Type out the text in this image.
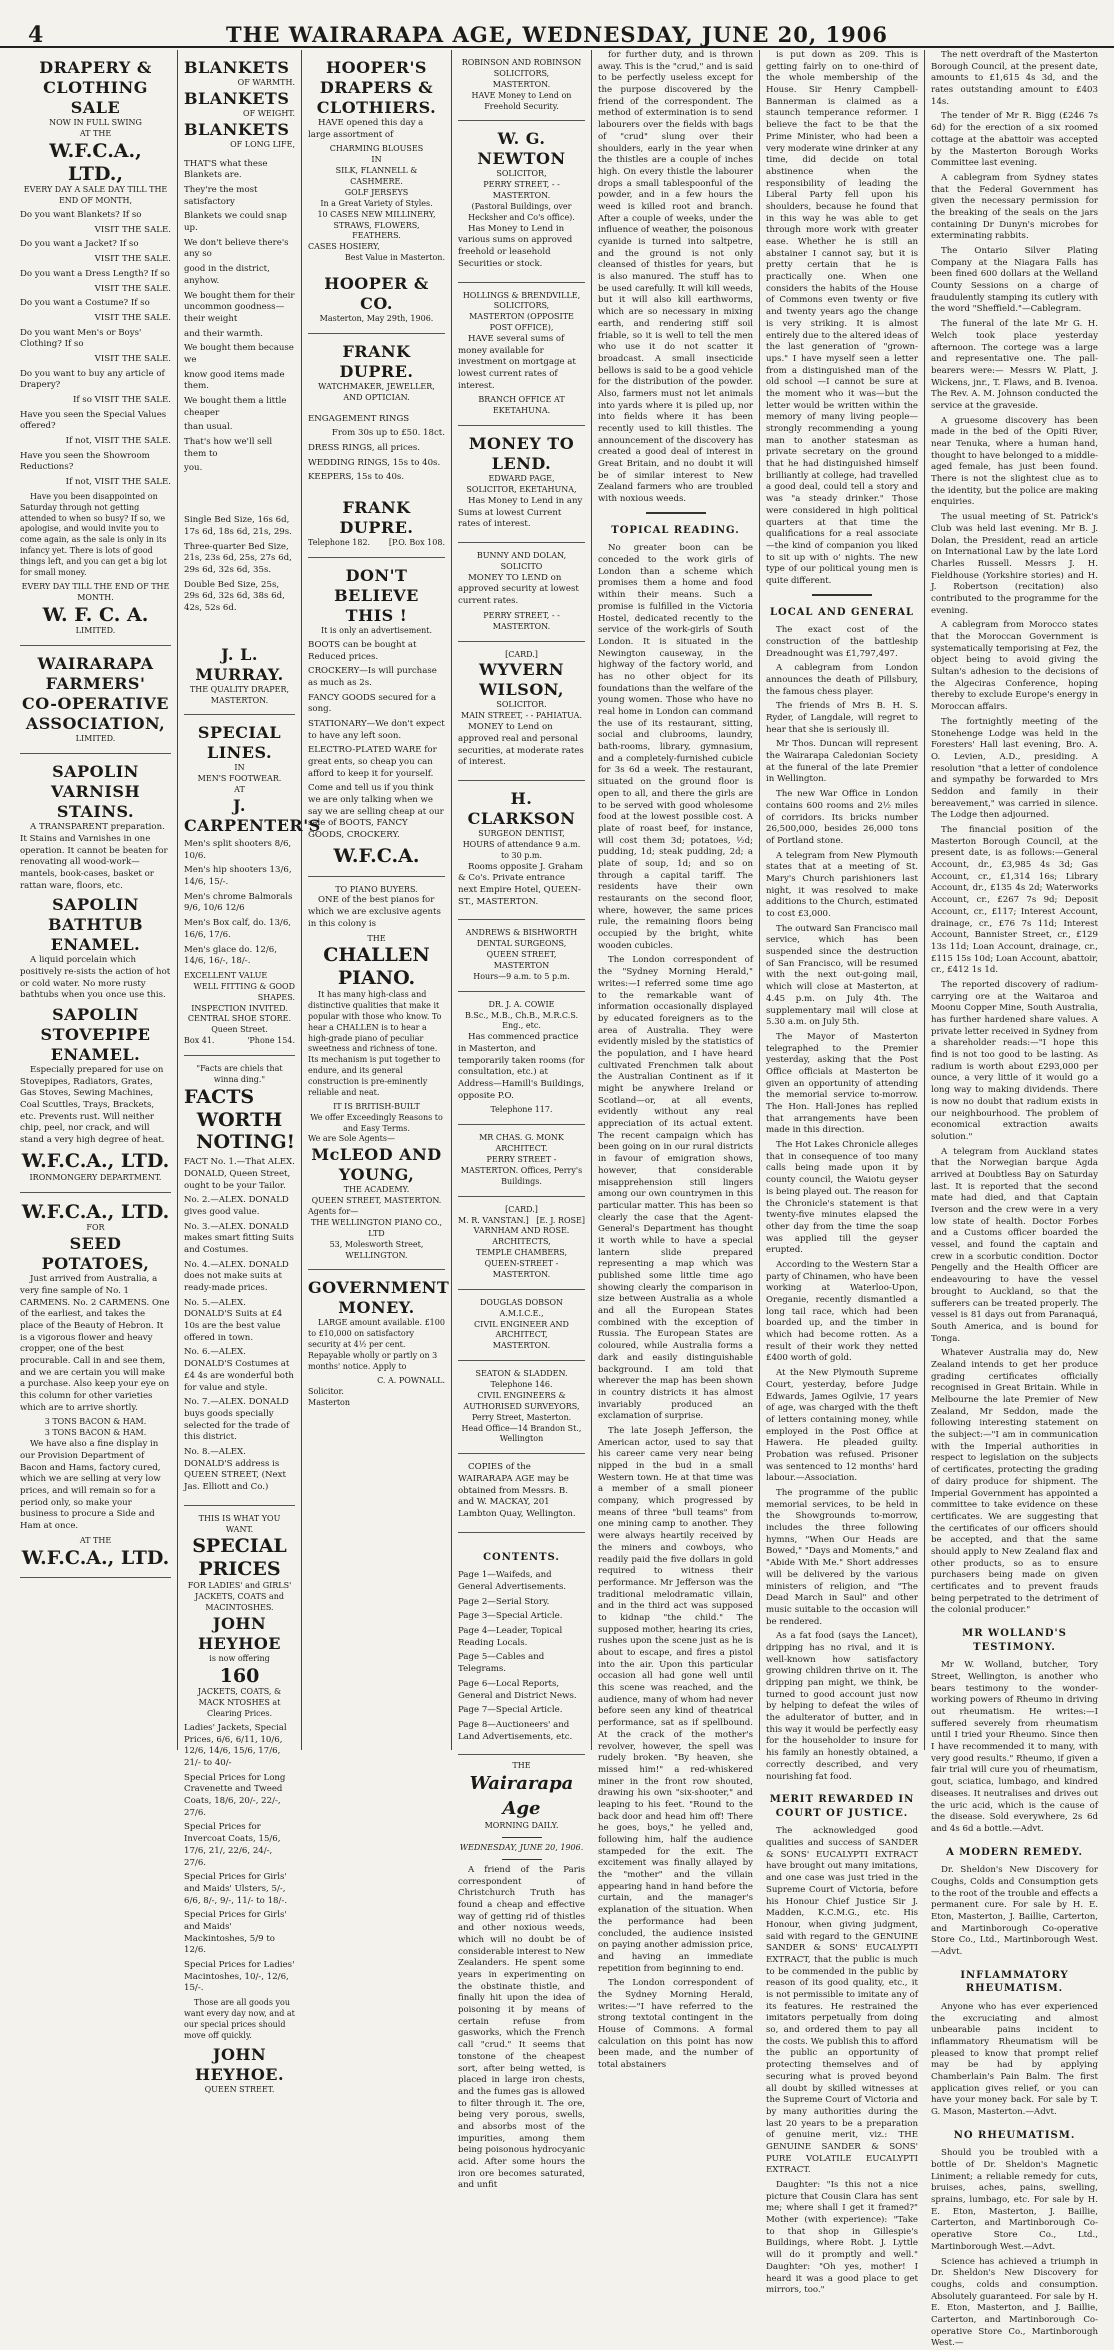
4	THE WAIRARAPA AGE, WEDNESDAY, JUNE 20, 1906
DRAPERY &
CLOTHING SALE
NOW IN FULL SWING
AT THE
W.F.C.A., LTD.,
EVERY DAY A SALE DAY TILL THE END OF MONTH,
Do you want Blankets? If so
VISIT THE SALE.
Do you want a Jacket? If so
VISIT THE SALE.
Do you want a Dress Length? If so
VISIT THE SALE.
Do you want a Costume? If so
VISIT THE SALE.
Do you want Men's or Boys' Clothing? If so
VISIT THE SALE.
Do you want to buy any article of Drapery?
If so VISIT THE SALE.
Have you seen the Special Values offered?
If not, VISIT THE SALE.
Have you seen the Showroom Reductions?
If not, VISIT THE SALE.
Have you been disappointed on Saturday through not getting attended to when so busy? If so, we apologise, and would invite you to come again, as the sale is only in its infancy yet. There is lots of good things left, and you can get a big lot for small money.
EVERY DAY TILL THE END OF THE MONTH.
W. F. C. A.
LIMITED.
WAIRARAPA
FARMERS'
CO-OPERATIVE
ASSOCIATION,
LIMITED.
SAPOLIN VARNISH STAINS.
A TRANSPARENT preparation. It Stains and Varnishes in one operation. It cannot be beaten for renovating all wood-work—mantels, book-cases, basket or rattan ware, floors, etc.
SAPOLIN BATHTUB ENAMEL.
A liquid porcelain which positively re-sists the action of hot or cold water. No more rusty bathtubs when you once use this.
SAPOLIN STOVEPIPE ENAMEL.
Especially prepared for use on Stovepipes, Radiators, Grates, Gas Stoves, Sewing Machines, Coal Scuttles, Trays, Brackets, etc. Prevents rust. Will neither chip, peel, nor crack, and will stand a very high degree of heat.
W.F.C.A., LTD.
IRONMONGERY DEPARTMENT.
W.F.C.A., LTD.
FOR
SEED POTATOES,
Just arrived from Australia, a very fine sample of No. 1 CARMENS. No. 2 CARMENS. One of the earliest, and takes the place of the Beauty of Hebron. It is a vigorous flower and heavy cropper, one of the best procurable. Call in and see them, and we are certain you will make a purchase. Also keep your eye on this column for other varieties which are to arrive shortly.
3 TONS BACON & HAM.
3 TONS BACON & HAM.
We have also a fine display in our Provision Department of Bacon and Hams, factory cured, which we are selling at very low prices, and will remain so for a period only, so make your business to procure a Side and Ham at once.
AT THE
W.F.C.A., LTD.
BLANKETS
OF WARMTH.
BLANKETS
OF WEIGHT.
BLANKETS
OF LONG LIFE,
THAT'S what these Blankets are.
They're the most satisfactory
Blankets we could snap up.
We don't believe there's any so
good in the district, anyhow.
We bought them for their uncommon goodness—their weight
and their warmth.
We bought them because we
know good items made them.
We bought them a little cheaper
than usual.
That's how we'll sell them to
you.
Single Bed Size, 16s 6d, 17s 6d, 18s 6d, 21s, 29s.
Three-quarter Bed Size, 21s, 23s 6d, 25s, 27s 6d, 29s 6d, 32s 6d, 35s.
Double Bed Size, 25s, 29s 6d, 32s 6d, 38s 6d, 42s, 52s 6d.
J. L. MURRAY.
THE QUALITY DRAPER,
MASTERTON.
SPECIAL LINES.
IN
MEN'S FOOTWEAR.
AT
J. CARPENTER'S
Men's split shooters 8/6, 10/6.
Men's hip shooters 13/6, 14/6, 15/-.
Men's chrome Balmorals 9/6, 10/6 12/6
Men's Box calf, do. 13/6, 16/6, 17/6.
Men's glace do. 12/6, 14/6, 16/-, 18/-.
EXCELLENT VALUE
WELL FITTING & GOOD SHAPES.
INSPECTION INVITED.
CENTRAL SHOE STORE.
Queen Street.
Box 41.	'Phone 154.
"Facts are chiels that winna ding."
FACTS
WORTH
NOTING!
FACT No. 1.—That ALEX. DONALD, Queen Street, ought to be your Tailor.
No. 2.—ALEX. DONALD gives good value.
No. 3.—ALEX. DONALD makes smart fitting Suits and Costumes.
No. 4.—ALEX. DONALD does not make suits at ready-made prices.
No. 5.—ALEX. DONALD'S Suits at £4 10s are the best value offered in town.
No. 6.—ALEX. DONALD'S Costumes at £4 4s are wonderful both for value and style.
No. 7.—ALEX. DONALD buys goods specially selected for the trade of this district.
No. 8.—ALEX. DONALD'S address is QUEEN STREET, (Next Jas. Elliott and Co.)
THIS IS WHAT YOU WANT.
SPECIAL
PRICES
FOR LADIES' and GIRLS' JACKETS, COATS and MACINTOSHES.
JOHN HEYHOE
is now offering
160
JACKETS, COATS, & MACK NTOSHES at Clearing Prices.
Ladies' Jackets, Special Prices, 6/6, 6/11, 10/6, 12/6, 14/6, 15/6, 17/6, 21/- to 40/-
Special Prices for Long Cravenette and Tweed Coats, 18/6, 20/-, 22/-, 27/6.
Special Prices for Invercoat Coats, 15/6, 17/6, 21/, 22/6, 24/-, 27/6.
Special Prices for Girls' and Maids' Ulsters, 5/-, 6/6, 8/-, 9/-, 11/- to 18/-.
Special Prices for Girls' and Maids' Mackintoshes, 5/9 to 12/6.
Special Prices for Ladies' Macintoshes, 10/-, 12/6, 15/-.
Those are all goods you want every day now, and at our special prices should move off quickly.
JOHN HEYHOE.
QUEEN STREET.
HOOPER'S
DRAPERS &
CLOTHIERS.
HAVE opened this day a large assortment of
CHARMING BLOUSES
IN
SILK, FLANNELL & CASHMERE.
GOLF JERSEYS
In a Great Variety of Styles.
10 CASES NEW MILLINERY,
STRAWS, FLOWERS, FEATHERS.
CASES HOSIERY,
Best Value in Masterton.
HOOPER & CO.
Masterton, May 29th, 1906.
FRANK DUPRE.
WATCHMAKER, JEWELLER, AND OPTICIAN.
ENGAGEMENT RINGS
From 30s up to £50. 18ct.
DRESS RINGS, all prices.
WEDDING RINGS, 15s to 40s.
KEEPERS, 15s to 40s.
FRANK DUPRE.
Telephone 182. [P.O. Box 108.
DON'T BELIEVE
THIS !
It is only an advertisement.
BOOTS can be bought at Reduced prices.
CROCKERY—Is will purchase as much as 2s.
FANCY GOODS secured for a song.
STATIONARY—We don't expect to have any left soon.
ELECTRO-PLATED WARE for great ents, so cheap you can afford to keep it for yourself.
Come and tell us if you think we are only talking when we say we are selling cheap at our sale of BOOTS, FANCY GOODS, CROCKERY.
W.F.C.A.
TO PIANO BUYERS.
ONE of the best pianos for which we are exclusive agents in this colony is
THE
CHALLEN
PIANO.
It has many high-class and distinctive qualities that make it popular with those who know. To hear a CHALLEN is to hear a high-grade piano of peculiar sweetness and richness of tone. Its mechanism is put together to endure, and its general construction is pre-eminently reliable and neat.
IT IS BRITISH-BUILT
We offer Exceedingly Reasons to and Easy Terms.
We are Sole Agents—
McLEOD AND YOUNG,
THE ACADEMY.
QUEEN STREET, MASTERTON.
Agents for—
THE WELLINGTON PIANO CO., LTD
53, Molesworth Street,
WELLINGTON.
GOVERNMENT MONEY.
LARGE amount available. £100 to £10,000 on satisfactory security at 4½ per cent. Repayable wholly or partly on 3 months' notice. Apply to
C. A. POWNALL.
Solicitor.
Masterton
ROBINSON AND ROBINSON
SOLICITORS,
MASTERTON.
HAVE Money to Lend on Freehold Security.
W. G. NEWTON
SOLICITOR,
PERRY STREET, - - MASTERTON.
(Pastoral Buildings, over Hecksher and Co's office).
Has Money to Lend in various sums on approved freehold or leasehold Securities or stock.
HOLLINGS & BRENDVILLE,
SOLICITORS,
MASTERTON (OPPOSITE POST OFFICE),
HAVE several sums of money available for investment on mortgage at lowest current rates of interest.
BRANCH OFFICE AT EKETAHUNA.
MONEY TO LEND.
EDWARD PAGE,
SOLICITOR, EKETAHUNA,
Has Money to Lend in any Sums at lowest Current rates of interest.
BUNNY AND DOLAN,
SOLICITO
MONEY TO LEND on approved security at lowest current rates.
PERRY STREET, - - MASTERTON.
[CARD.]
WYVERN WILSON,
SOLICITOR.
MAIN STREET, - - PAHIATUA.
MONEY to Lend on approved real and personal securities, at moderate rates of interest.
H. CLARKSON
SURGEON DENTIST,
HOURS of attendance 9 a.m. to 30 p.m.
Rooms opposite J. Graham & Co's. Private entrance next Empire Hotel, QUEEN-ST., MASTERTON.
ANDREWS & BISHWORTH
DENTAL SURGEONS,
QUEEN STREET, MASTERTON
Hours—9 a.m. to 5 p.m.
DR. J. A. COWIE
B.Sc., M.B., Ch.B., M.R.C.S. Eng., etc.
Has commenced practice in Masterton, and temporarily taken rooms (for consultation, etc.) at Address—Hamill's Buildings, opposite P.O.
Telephone 117.
MR CHAS. G. MONK
ARCHITECT.
PERRY STREET - MASTERTON. Offices, Perry's Buildings.
[CARD.]
M. R. VANSTAN.] [E. J. ROSE]
VARNHAM AND ROSE.
ARCHITECTS,
TEMPLE CHAMBERS,
QUEEN-STREET - MASTERTON.
DOUGLAS DOBSON
A.M.I.C.E.,
CIVIL ENGINEER AND ARCHITECT,
MASTERTON.
SEATON & SLADDEN.
Telephone 146.
CIVIL ENGINEERS & AUTHORISED SURVEYORS,
Perry Street, Masterton.
Head Office—14 Brandon St., Wellington
COPIES of the WAIRARAPA AGE may be obtained from Messrs. B. and W. MACKAY, 201 Lambton Quay, Wellington.
CONTENTS.
Page 1—Waifeds, and General Advertisements.
Page 2—Serial Story.
Page 3—Special Article.
Page 4—Leader, Topical Reading Locals.
Page 5—Cables and Telegrams.
Page 6—Local Reports, General and District News.
Page 7—Special Article.
Page 8—Auctioneers' and Land Advertisements, etc.
THE
Wairarapa Age
MORNING DAILY.
WEDNESDAY, JUNE 20, 1906.
A friend of the Paris correspondent of Christchurch Truth has found a cheap and effective way of getting rid of thistles and other noxious weeds, which will no doubt be of considerable interest to New Zealanders. He spent some years in experimenting on the obstinate thistle, and finally hit upon the idea of poisoning it by means of certain refuse from gasworks, which the French call "crud." It seems that tonstone of the cheapest sort, after being wetted, is placed in large iron chests, and the fumes gas is allowed to filter through it. The ore, being very porous, swells, and absorbs most of the impurities, among them being poisonous hydrocyanic acid. After some hours the iron ore becomes saturated, and unfit
for further duty, and is thrown away. This is the "crud," and is said to be perfectly useless except for the purpose discovered by the friend of the correspondent. The method of extermination is to send labourers over the fields with bags of "crud" slung over their shoulders, early in the year when the thistles are a couple of inches high. On every thistle the labourer drops a small tablespoonful of the powder, and in a few hours the weed is killed root and branch. After a couple of weeks, under the influence of weather, the poisonous cyanide is turned into saltpetre, and the ground is not only cleansed of thistles for years, but is also manured. The stuff has to be used carefully. It will kill weeds, but it will also kill earthworms, which are so necessary in mixing earth, and rendering stiff soil friable, so it is well to tell the men who use it do not scatter it broadcast. A small insecticide bellows is said to be a good vehicle for the distribution of the powder. Also, farmers must not let animals into yards where it is piled up, nor into fields where it has been recently used to kill thistles. The announcement of the discovery has created a good deal of interest in Great Britain, and no doubt it will be of similar interest to New Zealand farmers who are troubled with noxious weeds.
TOPICAL READING.
No greater boon can be conceded to the work girls of London than a scheme which promises them a home and food within their means. Such a promise is fulfilled in the Victoria Hostel, dedicated recently to the service of the work-girls of South London. It is situated in the Newington causeway, in the highway of the factory world, and has no other object for its foundations than the welfare of the young women. Those who have no real home in London can command the use of its restaurant, sitting, social and clubrooms, laundry, bath-rooms, library, gymnasium, and a completely-furnished cubicle for 3s 6d a week. The restaurant, situated on the ground floor is open to all, and there the girls are to be served with good wholesome food at the lowest possible cost. A plate of roast beef, for instance, will cost them 3d; potatoes, ½d; pudding, 1d; steak pudding, 2d; a plate of soup, 1d; and so on through a capital tariff. The residents have their own restaurants on the second floor, where, however, the same prices rule, the remaining floors being occupied by the bright, white wooden cubicles.
The London correspondent of the "Sydney Morning Herald," writes:—I referred some time ago to the remarkable want of information occasionally displayed by educated foreigners as to the area of Australia. They were evidently misled by the statistics of the population, and I have heard cultivated Frenchmen talk about the Australian Continent as if it might be anywhere Ireland or Scotland—or, at all events, evidently without any real appreciation of its actual extent. The recent campaign which has been going on in our rural districts in favour of emigration shows, however, that considerable misapprehension still lingers among our own countrymen in this particular matter. This has been so clearly the case that the Agent-General's Department has thought it worth while to have a special lantern slide prepared representing a map which was published some little time ago showing clearly the comparison in size between Australia as a whole and all the European States combined with the exception of Russia. The European States are coloured, while Australia forms a dark and easily distinguishable background. I am told that wherever the map has been shown in country districts it has almost invariably produced an exclamation of surprise.
The late Joseph Jefferson, the American actor, used to say that his career came very near being nipped in the bud in a small Western town. He at that time was a member of a small pioneer company, which progressed by means of three "bull teams" from one mining camp to another. They were always heartily received by the miners and cowboys, who readily paid the five dollars in gold required to witness their performance. Mr Jefferson was the traditional melodramatic villain, and in the third act was supposed to kidnap "the child." The supposed mother, hearing its cries, rushes upon the scene just as he is about to escape, and fires a pistol into the air. Upon this particular occasion all had gone well until this scene was reached, and the audience, many of whom had never before seen any kind of theatrical performance, sat as if spellbound. At the crack of the mother's revolver, however, the spell was rudely broken. "By heaven, she missed him!" a red-whiskered miner in the front row shouted, drawing his own "six-shooter," and leaping to his feet. "Round to the back door and head him off! There he goes, boys," he yelled and, following him, half the audience stampeded for the exit. The excitement was finally allayed by the "mother" and the villain appearing hand in hand before the curtain, and the manager's explanation of the situation. When the performance had been concluded, the audience insisted on paying another admission price, and having an immediate repetition from beginning to end.
The London correspondent of the Sydney Morning Herald, writes:—"I have referred to the strong textotal contingent in the House of Commons. A formal calculation on this point has now been made, and the number of total abstainers
is put down as 209. This is getting fairly on to one-third of the whole membership of the House. Sir Henry Campbell-Bannerman is claimed as a staunch temperance reformer. I believe the fact to be that the Prime Minister, who had been a very moderate wine drinker at any time, did decide on total abstinence when the responsibility of leading the Liberal Party fell upon his shoulders, because he found that in this way he was able to get through more work with greater ease. Whether he is still an abstainer I cannot say, but it is pretty certain that he is practically one. When one considers the habits of the House of Commons even twenty or five and twenty years ago the change is very striking. It is almost entirely due to the altered ideas of the last generation of "grown-ups." I have myself seen a letter from a distinguished man of the old school —I cannot be sure at the moment who it was—but the letter would be written within the memory of many living people—strongly recommending a young man to another statesman as private secretary on the ground that he had distinguished himself brilliantly at college, had travelled a good deal, could tell a story and was "a steady drinker." Those were considered in high political quarters at that time the qualifications for a real associate—the kind of companion you liked to sit up with o' nights. The new type of our political young men is quite different.
LOCAL AND GENERAL
The exact cost of the construction of the battleship Dreadnought was £1,797,497.
A cablegram from London announces the death of Pillsbury, the famous chess player.
The friends of Mrs B. H. S. Ryder, of Langdale, will regret to hear that she is seriously ill.
Mr Thos. Duncan will represent the Wairarapa Caledonian Society at the funeral of the late Premier in Wellington.
The new War Office in London contains 600 rooms and 2½ miles of corridors. Its bricks number 26,500,000, besides 26,000 tons of Portland stone.
A telegram from New Plymouth states that at a meeting of St. Mary's Church parishioners last night, it was resolved to make additions to the Church, estimated to cost £3,000.
The outward San Francisco mail service, which has been suspended since the destruction of San Francisco, will be resumed with the next out-going mail, which will close at Masterton, at 4.45 p.m. on July 4th. The supplementary mail will close at 5.30 a.m. on July 5th.
The Mayor of Masterton telegraphed to the Premier yesterday, asking that the Post Office officials at Masterton be given an opportunity of attending the memorial service to-morrow. The Hon. Hall-Jones has replied that arrangements have been made in this direction.
The Hot Lakes Chronicle alleges that in consequence of too many calls being made upon it by county council, the Waiotu geyser is being played out. The reason for the Chronicle's statement is that twenty-five minutes elapsed the other day from the time the soap was applied till the geyser erupted.
According to the Western Star a party of Chinamen, who have been working at Waterloo-Upon, Oreganie, recently dismantled a long tail race, which had been boarded up, and the timber in which had become rotten. As a result of their work they netted £400 worth of gold.
At the New Plymouth Supreme Court, yesterday, before Judge Edwards, James Ogilvie, 17 years of age, was charged with the theft of letters containing money, while employed in the Post Office at Hawera. He pleaded guilty. Probation was refused. Prisoner was sentenced to 12 months' hard labour.—Association.
The programme of the public memorial services, to be held in the Showgrounds to-morrow, includes the three following hymns, "When Our Heads are Bowed," "Days and Moments," and "Abide With Me." Short addresses will be delivered by the various ministers of religion, and "The Dead March in Saul" and other music suitable to the occasion will be rendered.
As a fat food (says the Lancet), dripping has no rival, and it is well-known how satisfactory growing children thrive on it. The dripping pan might, we think, be turned to good account just now by helping to defeat the wiles of the adulterator of butter, and in this way it would be perfectly easy for the householder to insure for his family an honestly obtained, a correctly described, and very nourishing fat food.
MERIT REWARDED IN COURT OF JUSTICE.
The acknowledged good qualities and success of SANDER & SONS' EUCALYPTI EXTRACT have brought out many imitations, and one case was just tried in the Supreme Court of Victoria, before his Honour Chief Justice Sir J. Madden, K.C.M.G., etc. His Honour, when giving judgment, said with regard to the GENUINE SANDER & SONS' EUCALYPTI EXTRACT, that the public is much to be commended in the public by reason of its good quality, etc., it is not permissible to imitate any of its features. He restrained the imitators perpetually from doing so, and ordered them to pay all the costs. We publish this to afford the public an opportunity of protecting themselves and of securing what is proved beyond all doubt by skilled witnesses at the Supreme Court of Victoria and by many authorities during the last 20 years to be a preparation of genuine merit, viz.: THE GENUINE SANDER & SONS' PURE VOLATILE EUCALYPTI EXTRACT.
Daughter: "Is this not a nice picture that Cousin Clara has sent me; where shall I get it framed?" Mother (with experience): "Take to that shop in Gillespie's Buildings, where Robt. J. Lyttle will do it promptly and well." Daughter: "Oh yes, mother! I heard it was a good place to get mirrors, too."
The nett overdraft of the Masterton Borough Council, at the present date, amounts to £1,615 4s 3d, and the rates outstanding amount to £403 14s.
The tender of Mr R. Bigg (£246 7s 6d) for the erection of a six roomed cottage at the abattoir was accepted by the Masterton Borough Works Committee last evening.
A cablegram from Sydney states that the Federal Government has given the necessary permission for the breaking of the seals on the jars containing Dr Dunyn's microbes for exterminating rabbits.
The Ontario Silver Plating Company at the Niagara Falls has been fined 600 dollars at the Welland County Sessions on a charge of fraudulently stamping its cutlery with the word "Sheffield."—Cablegram.
The funeral of the late Mr G. H. Welch took place yesterday afternoon. The cortege was a large and representative one. The pall-bearers were:— Messrs W. Platt, J. Wickens, jnr., T. Flaws, and B. Ivenoa. The Rev. A. M. Johnson conducted the service at the graveside.
A gruesome discovery has been made in the bed of the Opiti River, near Tenuka, where a human hand, thought to have belonged to a middle-aged female, has just been found. There is not the slightest clue as to the identity, but the police are making enquiries.
The usual meeting of St. Patrick's Club was held last evening. Mr B. J. Dolan, the President, read an article on International Law by the late Lord Charles Russell. Messrs J. H. Fieldhouse (Yorkshire stories) and H. J. Robertson (recitation) also contributed to the programme for the evening.
A cablegram from Morocco states that the Moroccan Government is systematically temporising at Fez, the object being to avoid giving the Sultan's adhesion to the decisions of the Algeciras Conference, hoping thereby to exclude Europe's energy in Moroccan affairs.
The fortnightly meeting of the Stonehenge Lodge was held in the Foresters' Hall last evening, Bro. A. O. Levien, A.D., presiding. A resolution "that a letter of condolence and sympathy be forwarded to Mrs Seddon and family in their bereavement," was carried in silence. The Lodge then adjourned.
The financial position of the Masterton Borough Council, at the present date, is as follows:—General Account, dr., £3,985 4s 3d; Gas Account, cr., £1,314 16s; Library Account, dr., £135 4s 2d; Waterworks Account, cr., £267 7s 9d; Deposit Account, cr., £117; Interest Account, drainage, cr., £76 7s 11d; Interest Account, Bannister Street, cr., £129 13s 11d; Loan Account, drainage, cr., £115 15s 10d; Loan Account, abattoir, cr., £412 1s 1d.
The reported discovery of radium-carrying ore at the Waitaroa and Moonu Copper Mine, South Australia, has further hardened share values. A private letter received in Sydney from a shareholder reads:—"I hope this find is not too good to be lasting. As radium is worth about £293,000 per ounce, a very little of it would go a long way to making dividends. There is now no doubt that radium exists in our neighbourhood. The problem of economical extraction awaits solution."
A telegram from Auckland states that the Norwegian barque Agda arrived at Doubtless Bay on Saturday last. It is reported that the second mate had died, and that Captain Iverson and the crew were in a very low state of health. Doctor Forbes and a Customs officer boarded the vessel, and found the captain and crew in a scorbutic condition. Doctor Pengelly and the Health Officer are endeavouring to have the vessel brought to Auckland, so that the sufferers can be treated properly. The vessel is 81 days out from Paranaquá, South America, and is bound for Tonga.
Whatever Australia may do, New Zealand intends to get her produce grading certificates officially recognised in Great Britain. While in Melbourne the late Premier of New Zealand, Mr Seddon, made the following interesting statement on the subject:—"I am in communication with the Imperial authorities in respect to legislation on the subjects of certificates, protecting the grading of dairy produce for shipment. The Imperial Government has appointed a committee to take evidence on these certificates. We are suggesting that the certificates of our officers should be accepted, and that the same should apply to New Zealand flax and other products, so as to ensure purchasers being made on given certificates and to prevent frauds being perpetrated to the detriment of the colonial producer."
MR WOLLAND'S TESTIMONY.
Mr W. Wolland, butcher, Tory Street, Wellington, is another who bears testimony to the wonder-working powers of Rheumo in driving out rheumatism. He writes:—I suffered severely from rheumatism until I tried your Rheumo. Since then I have recommended it to many, with very good results." Rheumo, if given a fair trial will cure you of rheumatism, gout, sciatica, lumbago, and kindred diseases. It neutralises and drives out the uric acid, which is the cause of the disease. Sold everywhere, 2s 6d and 4s 6d a bottle.—Advt.
A MODERN REMEDY.
Dr. Sheldon's New Discovery for Coughs, Colds and Consumption gets to the root of the trouble and effects a permanent cure. For sale by H. E. Eton, Masterton, J. Baillie, Carterton, and Martinborough Co-operative Store Co., Ltd., Martinborough West.—Advt.
INFLAMMATORY RHEUMATISM.
Anyone who has ever experienced the excruciating and almost unbearable pains incident to inflammatory Rheumatism will be pleased to know that prompt relief may be had by applying Chamberlain's Pain Balm. The first application gives relief, or you can have your money back. For sale by T. G. Mason, Masterton.—Advt.
NO RHEUMATISM.
Should you be troubled with a bottle of Dr. Sheldon's Magnetic Liniment; a reliable remedy for cuts, bruises, aches, pains, swelling, sprains, lumbago, etc. For sale by H. E. Eton, Masterton, J. Baillie, Carterton, and Martinborough Co-operative Store Co., Ltd., Martinborough West.—Advt.
Science has achieved a triumph in Dr. Sheldon's New Discovery for coughs, colds and consumption. Absolutely guaranteed. For sale by H. E. Eton, Masterton, and J. Baillie, Carterton, and Martinborough Co-operative Store Co., Martinborough West.—
